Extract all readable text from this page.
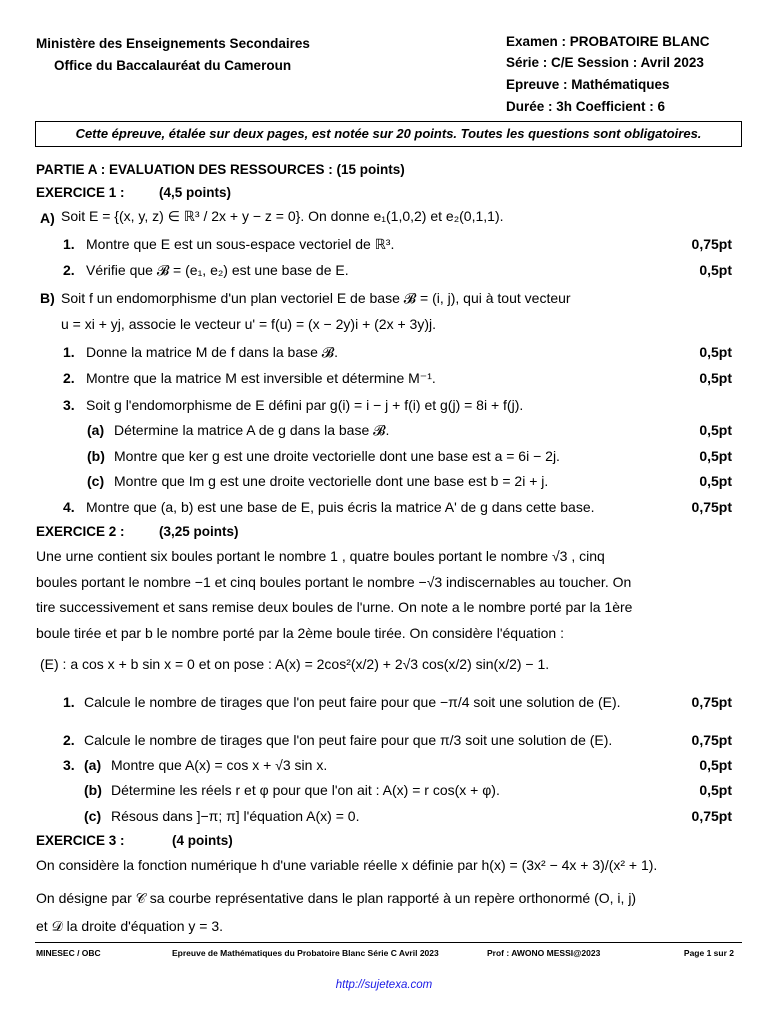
Ministère des Enseignements Secondaires
Office du Baccalauréat du Cameroun
Examen : PROBATOIRE BLANC
Série : C/E Session : Avril 2023
Epreuve : Mathématiques
Durée : 3h Coefficient : 6
Cette épreuve, étalée sur deux pages, est notée sur 20 points. Toutes les questions sont obligatoires.
PARTIE A : EVALUATION DES RESSOURCES : (15 points)
EXERCICE 1 :	(4,5 points)
A) Soit E = {(x, y, z) ∈ ℝ³ / 2x + y − z = 0}. On donne e₁(1,0,2) et e₂(0,1,1).
1. Montre que E est un sous-espace vectoriel de ℝ³.	0,75pt
2. Vérifie que 𝓑 = (e₁, e₂) est une base de E.	0,5pt
B) Soit f un endomorphisme d'un plan vectoriel E de base 𝓑 = (i, j), qui à tout vecteur
u = xi + yj, associe le vecteur u' = f(u) = (x − 2y)i + (2x + 3y)j.
1. Donne la matrice M de f dans la base 𝓑.	0,5pt
2. Montre que la matrice M est inversible et détermine M⁻¹.	0,5pt
3. Soit g l'endomorphisme de E défini par g(i) = i − j + f(i) et g(j) = 8i + f(j).
(a) Détermine la matrice A de g dans la base 𝓑.	0,5pt
(b) Montre que ker g est une droite vectorielle dont une base est a = 6i − 2j.	0,5pt
(c) Montre que Im g est une droite vectorielle dont une base est b = 2i + j.	0,5pt
4. Montre que (a, b) est une base de E, puis écris la matrice A' de g dans cette base.	0,75pt
EXERCICE 2 :	(3,25 points)
Une urne contient six boules portant le nombre 1 , quatre boules portant le nombre √3 , cinq
boules portant le nombre −1 et cinq boules portant le nombre −√3 indiscernables au toucher. On
tire successivement et sans remise deux boules de l'urne. On note a le nombre porté par la 1ère
boule tirée et par b le nombre porté par la 2ème boule tirée. On considère l'équation :
(E) : a cos x + b sin x = 0 et on pose : A(x) = 2cos²(x/2) + 2√3 cos(x/2) sin(x/2) − 1.
1. Calcule le nombre de tirages que l'on peut faire pour que −π/4 soit une solution de (E).	0,75pt
2. Calcule le nombre de tirages que l'on peut faire pour que π/3 soit une solution de (E).	0,75pt
3. (a) Montre que A(x) = cos x + √3 sin x.	0,5pt
(b) Détermine les réels r et φ pour que l'on ait : A(x) = r cos(x + φ).	0,5pt
(c) Résous dans ]−π; π] l'équation A(x) = 0.	0,75pt
EXERCICE 3 :	(4 points)
On considère la fonction numérique h d'une variable réelle x définie par h(x) = (3x² − 4x + 3)/(x² + 1).
On désigne par 𝒞 sa courbe représentative dans le plan rapporté à un repère orthonormé (O, i, j)
et 𝒟 la droite d'équation y = 3.
MINESEC / OBC	Epreuve de Mathématiques du Probatoire Blanc Série C Avril 2023	Prof : AWONO MESSI@2023	Page 1 sur 2
http://sujetexa.com
